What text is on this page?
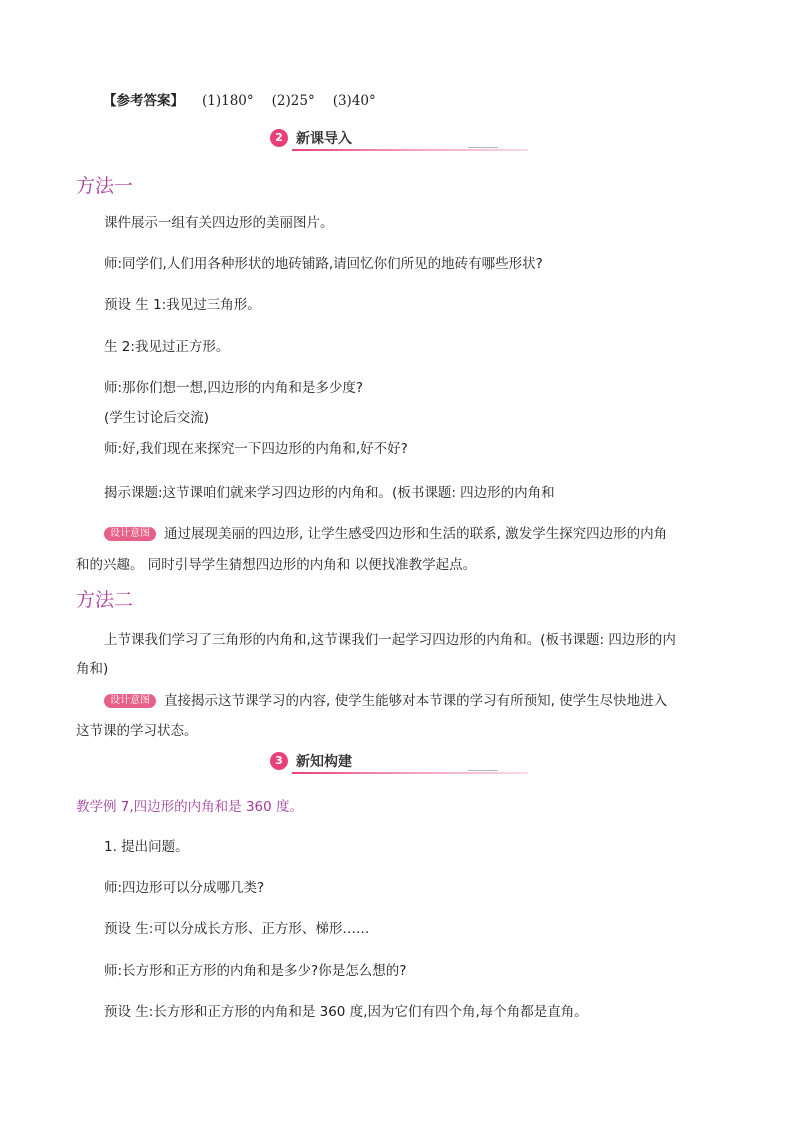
【参考答案】 (1)180° (2)25° (3)40°
2 新课导入
方法一
课件展示一组有关四边形的美丽图片。
师:同学们,人们用各种形状的地砖铺路,请回忆你们所见的地砖有哪些形状?
预设 生 1:我见过三角形。
生 2:我见过正方形。
师:那你们想一想,四边形的内角和是多少度?
(学生讨论后交流)
师:好,我们现在来探究一下四边形的内角和,好不好?
揭示课题:这节课咱们就来学习四边形的内角和。(板书课题: 四边形的内角和
设计意图 通过展现美丽的四边形, 让学生感受四边形和生活的联系, 激发学生探究四边形的内角
和的兴趣。 同时引导学生猜想四边形的内角和 以便找准教学起点。
方法二
上节课我们学习了三角形的内角和,这节课我们一起学习四边形的内角和。(板书课题: 四边形的内
角和)
设计意图 直接揭示这节课学习的内容, 使学生能够对本节课的学习有所预知, 使学生尽快地进入
这节课的学习状态。
3 新知构建
教学例 7,四边形的内角和是 360 度。
1. 提出问题。
师:四边形可以分成哪几类?
预设 生:可以分成长方形、正方形、梯形……
师:长方形和正方形的内角和是多少?你是怎么想的?
预设 生:长方形和正方形的内角和是 360 度,因为它们有四个角,每个角都是直角。
